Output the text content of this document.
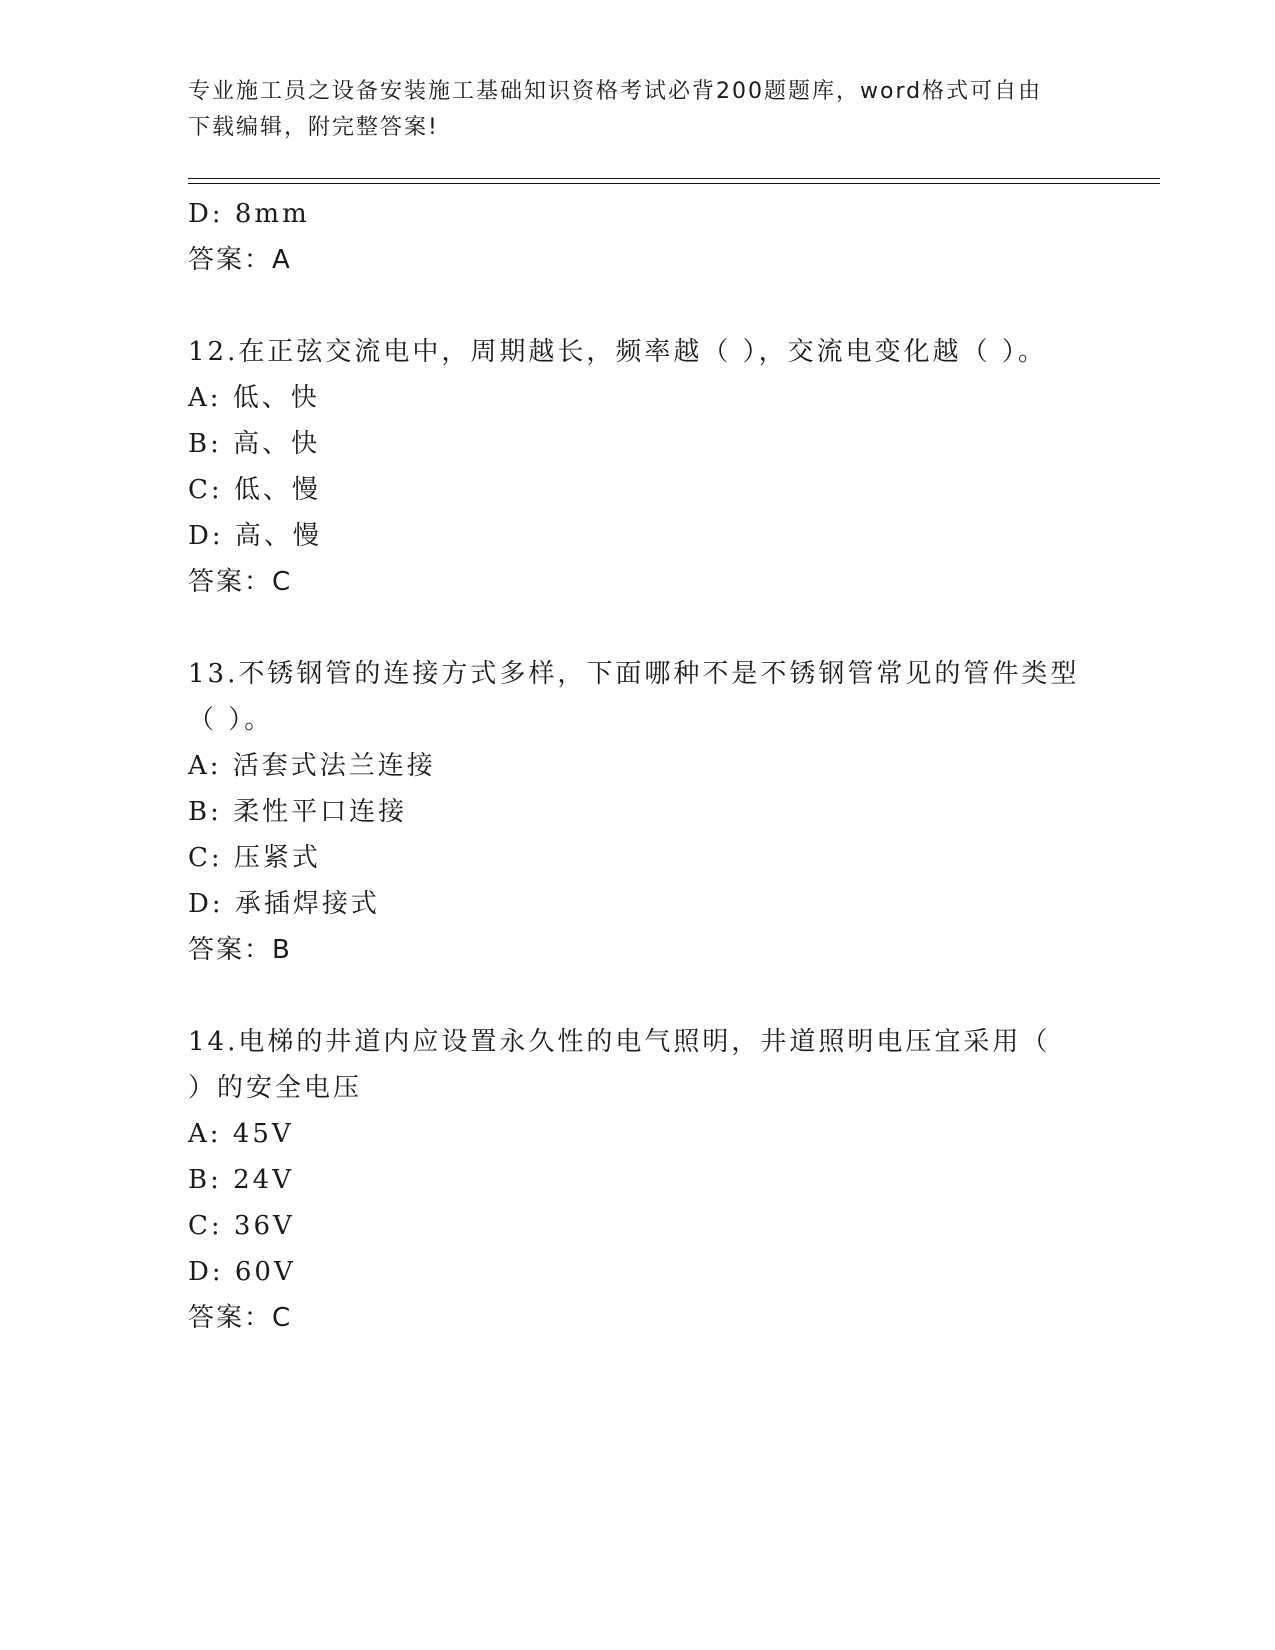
专业施工员之设备安装施工基础知识资格考试必背200题题库，word格式可自由
下载编辑，附完整答案!
D: 8mm
答案：A
12.在正弦交流电中，周期越长，频率越（ ），交流电变化越（ ）。
A: 低、快
B: 高、快
C: 低、慢
D: 高、慢
答案：C
13.不锈钢管的连接方式多样，下面哪种不是不锈钢管常见的管件类型
（ ）。
A: 活套式法兰连接
B: 柔性平口连接
C: 压紧式
D: 承插焊接式
答案：B
14.电梯的井道内应设置永久性的电气照明，井道照明电压宜采用（
）的安全电压
A: 45V
B: 24V
C: 36V
D: 60V
答案：C
